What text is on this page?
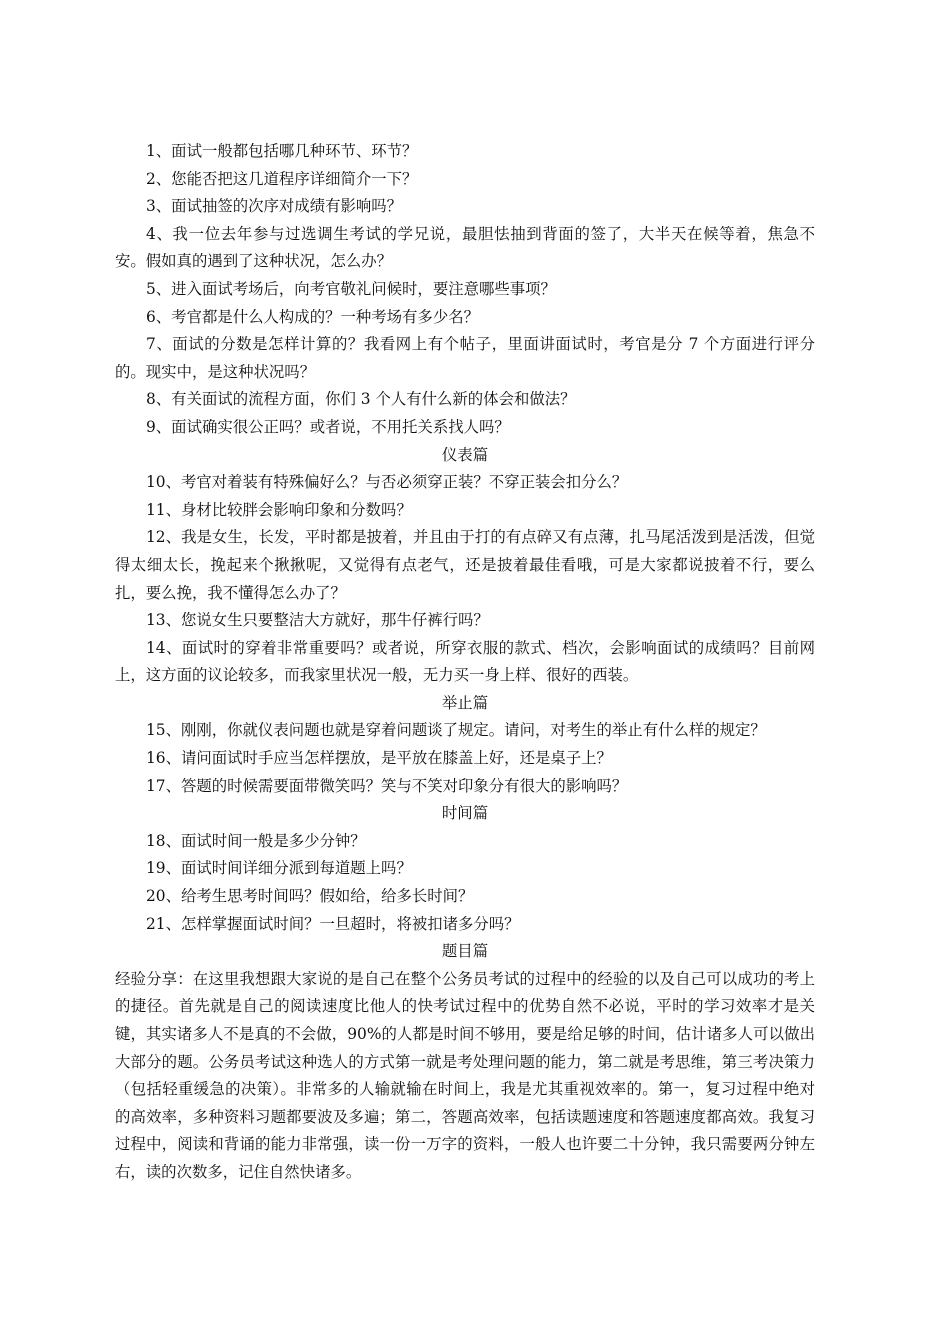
1、面试一般都包括哪几种环节、环节？

2、您能否把这几道程序详细简介一下？

3、面试抽签的次序对成绩有影响吗？

4、我一位去年参与过选调生考试的学兄说，最胆怯抽到背面的签了，大半天在候等着，焦急不安。假如真的遇到了这种状况，怎么办？

5、进入面试考场后，向考官敬礼问候时，要注意哪些事项？

6、考官都是什么人构成的？一种考场有多少名？

7、面试的分数是怎样计算的？我看网上有个帖子，里面讲面试时，考官是分 7 个方面进行评分的。现实中，是这种状况吗？

8、有关面试的流程方面，你们 3 个人有什么新的体会和做法？

9、面试确实很公正吗？或者说，不用托关系找人吗？

仪表篇

10、考官对着装有特殊偏好么？与否必须穿正装？不穿正装会扣分么？

11、身材比较胖会影响印象和分数吗？

12、我是女生，长发，平时都是披着，并且由于打的有点碎又有点薄，扎马尾活泼到是活泼，但觉得太细太长，挽起来个揪揪呢，又觉得有点老气，还是披着最佳看哦，可是大家都说披着不行，要么扎，要么挽，我不懂得怎么办了？

13、您说女生只要整洁大方就好，那牛仔裤行吗？

14、面试时的穿着非常重要吗？或者说，所穿衣服的款式、档次，会影响面试的成绩吗？目前网上，这方面的议论较多，而我家里状况一般，无力买一身上样、很好的西装。

举止篇

15、刚刚，你就仪表问题也就是穿着问题谈了规定。请问，对考生的举止有什么样的规定？

16、请问面试时手应当怎样摆放，是平放在膝盖上好，还是桌子上？

17、答题的时候需要面带微笑吗？笑与不笑对印象分有很大的影响吗？

时间篇

18、面试时间一般是多少分钟？

19、面试时间详细分派到每道题上吗？

20、给考生思考时间吗？假如给，给多长时间？

21、怎样掌握面试时间？一旦超时，将被扣诸多分吗？

题目篇

经验分享：在这里我想跟大家说的是自己在整个公务员考试的过程中的经验的以及自己可以成功的考上的捷径。首先就是自己的阅读速度比他人的快考试过程中的优势自然不必说，平时的学习效率才是关键，其实诸多人不是真的不会做，90%的人都是时间不够用，要是给足够的时间，估计诸多人可以做出大部分的题。公务员考试这种选人的方式第一就是考处理问题的能力，第二就是考思维，第三考决策力（包括轻重缓急的决策）。非常多的人输就输在时间上，我是尤其重视效率的。第一，复习过程中绝对的高效率，多种资料习题都要波及多遍；第二，答题高效率，包括读题速度和答题速度都高效。我复习过程中，阅读和背诵的能力非常强，读一份一万字的资料，一般人也许要二十分钟，我只需要两分钟左右，读的次数多，记住自然快诸多。
